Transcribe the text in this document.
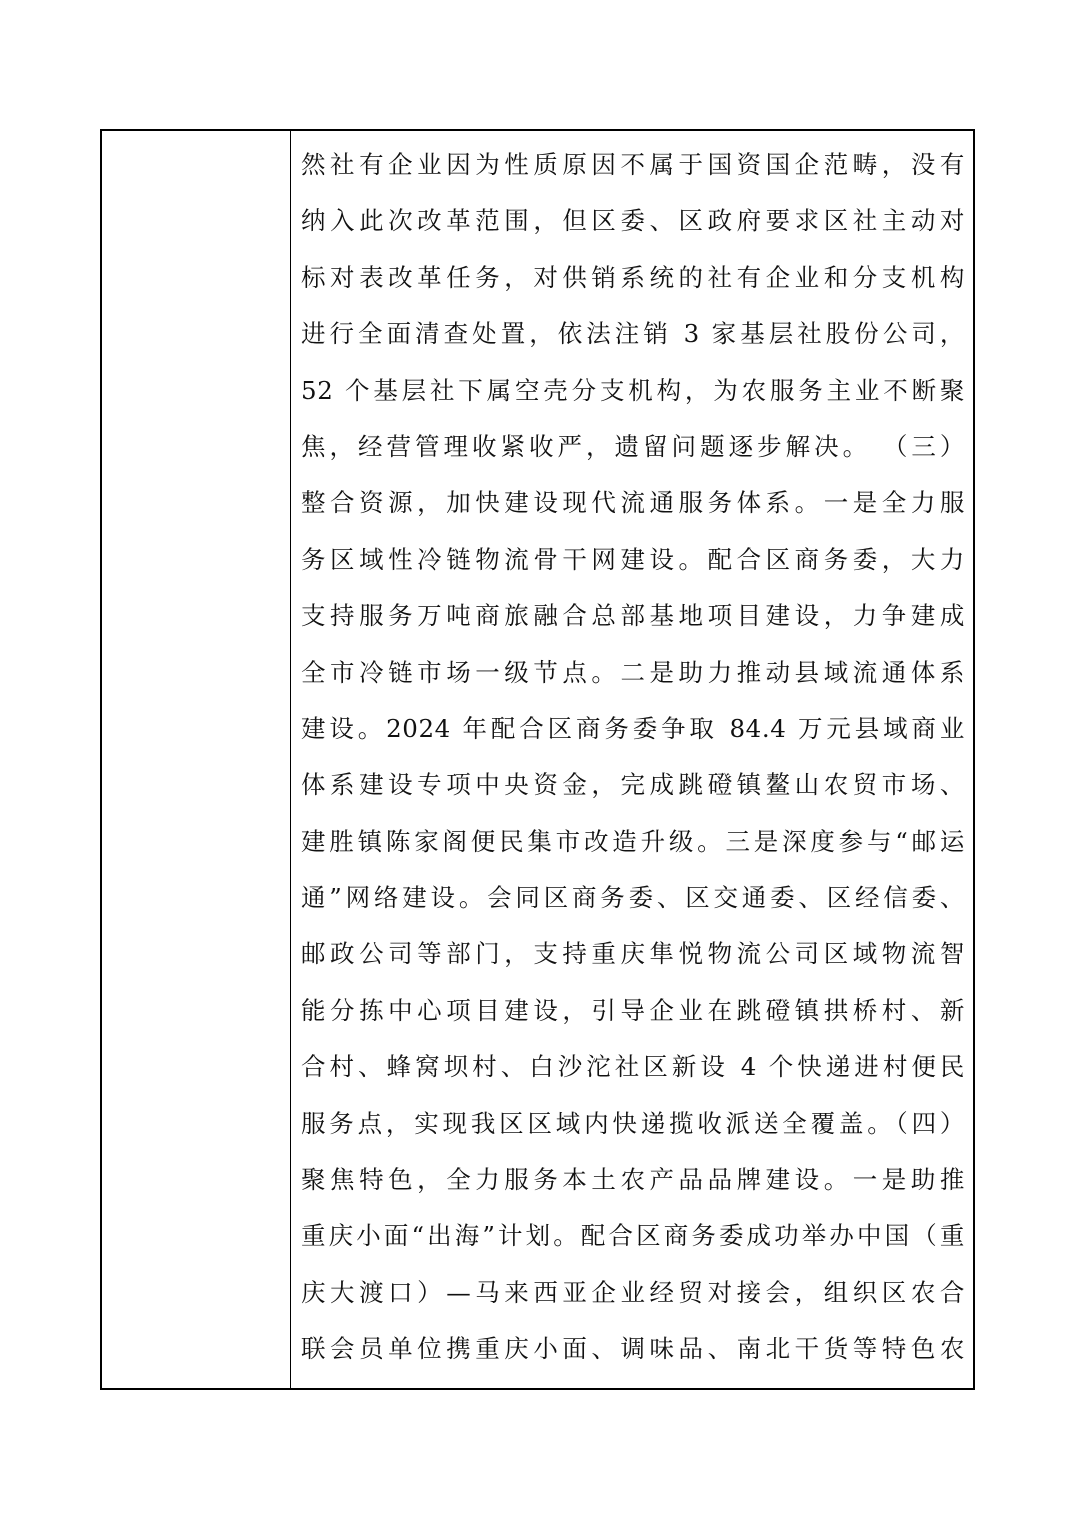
然社有企业因为性质原因不属于国资国企范畴，没有
纳入此次改革范围，但区委、区政府要求区社主动对
标对表改革任务，对供销系统的社有企业和分支机构
进行全面清查处置，依法注销 3 家基层社股份公司，
52 个基层社下属空壳分支机构，为农服务主业不断聚
焦，经营管理收紧收严，遗留问题逐步解决。 （三）
整合资源，加快建设现代流通服务体系。一是全力服
务区域性冷链物流骨干网建设。配合区商务委，大力
支持服务万吨商旅融合总部基地项目建设，力争建成
全市冷链市场一级节点。二是助力推动县域流通体系
建设。2024 年配合区商务委争取 84.4 万元县域商业
体系建设专项中央资金，完成跳磴镇鳌山农贸市场、
建胜镇陈家阁便民集市改造升级。三是深度参与“邮运
通”网络建设。会同区商务委、区交通委、区经信委、
邮政公司等部门，支持重庆隼悦物流公司区域物流智
能分拣中心项目建设，引导企业在跳磴镇拱桥村、新
合村、蜂窝坝村、白沙沱社区新设 4 个快递进村便民
服务点，实现我区区域内快递揽收派送全覆盖。（四）
聚焦特色，全力服务本土农产品品牌建设。一是助推
重庆小面“出海”计划。配合区商务委成功举办中国（重
庆大渡口）—马来西亚企业经贸对接会，组织区农合
联会员单位携重庆小面、调味品、南北干货等特色农
